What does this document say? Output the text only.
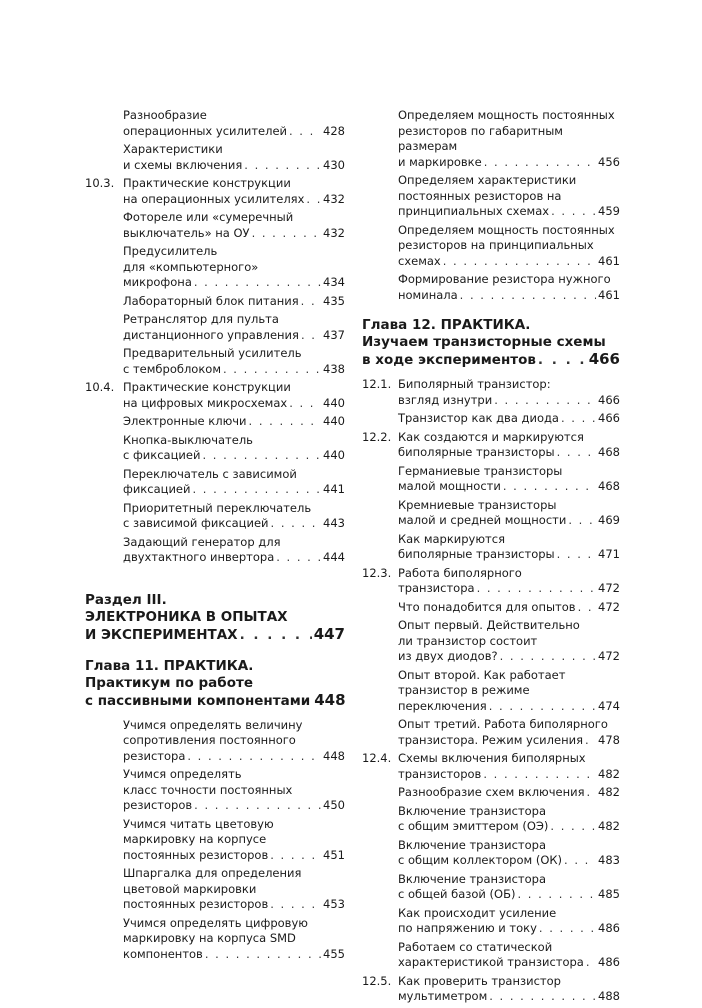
Разнообразие
операционных усилителей . . .	428
Характеристики
и схемы включения . . .	430
10.3. Практические конструкции
на операционных усилителях . . . 432
Фотореле или «сумеречный
выключатель» на ОУ . . .	432
Предусилитель
для «компьютерного»
микрофона . . .	434
Лабораторный блок питания . . . 435
Ретранслятор для пульта
дистанционного управления . . . 437
Предварительный усилитель
с темброблоком . . .	438
10.4. Практические конструкции
на цифровых микросхемах . . .	440
Электронные ключи . . .	440
Кнопка-выключатель
с фиксацией . . .	440
Переключатель с зависимой
фиксацией . . .	441
Приоритетный переключатель
с зависимой фиксацией . . .	443
Задающий генератор для
двухтактного инвертора . . .	444
Раздел III.
ЭЛЕКТРОНИКА В ОПЫТАХ
И ЭКСПЕРИМЕНТАХ . . .	447
Глава 11. ПРАКТИКА.
Практикум по работе
с пассивными компонентами 448
Учимся определять величину
сопротивления постоянного
резистора . . .	448
Учимся определять
класс точности постоянных
резисторов . . .	450
Учимся читать цветовую
маркировку на корпусе
постоянных резисторов . . .	451
Шпаргалка для определения
цветовой маркировки
постоянных резисторов . . .	453
Учимся определять цифровую
маркировку на корпуса SMD
компонентов . . .	455
Определяем мощность постоянных
резисторов по габаритным размерам
и маркировке . . .	456
Определяем характеристики
постоянных резисторов на
принципиальных схемах . . .	459
Определяем мощность постоянных
резисторов на принципиальных
схемах . . .	461
Формирование резистора нужного
номинала . . .	461
Глава 12. ПРАКТИКА.
Изучаем транзисторные схемы
в ходе экспериментов . . .	466
12.1. Биполярный транзистор:
взгляд изнутри . . .	466
Транзистор как два диода . . .	466
12.2. Как создаются и маркируются
биполярные транзисторы . . .	468
Германиевые транзисторы
малой мощности . . .	468
Кремниевые транзисторы
малой и средней мощности . . .	469
Как маркируются
биполярные транзисторы . . .	471
12.3. Работа биполярного
транзистора . . .	472
Что понадобится для опытов . . . 472
Опыт первый. Действительно
ли транзистор состоит
из двух диодов? . . .	472
Опыт второй. Как работает
транзистор в режиме
переключения . . .	474
Опыт третий. Работа биполярного
транзистора. Режим усиления . . . 478
12.4. Схемы включения биполярных
транзисторов . . .	482
Разнообразие схем включения . . . 482
Включение транзистора
с общим эмиттером (ОЭ) . . .	482
Включение транзистора
с общим коллектором (ОК) . . .	483
Включение транзистора
с общей базой (ОБ) . . .	485
Как происходит усиление
по напряжению и току . . .	486
Работаем со статической
характеристикой транзистора . . . 486
12.5. Как проверить транзистор
мультиметром . . .	488
